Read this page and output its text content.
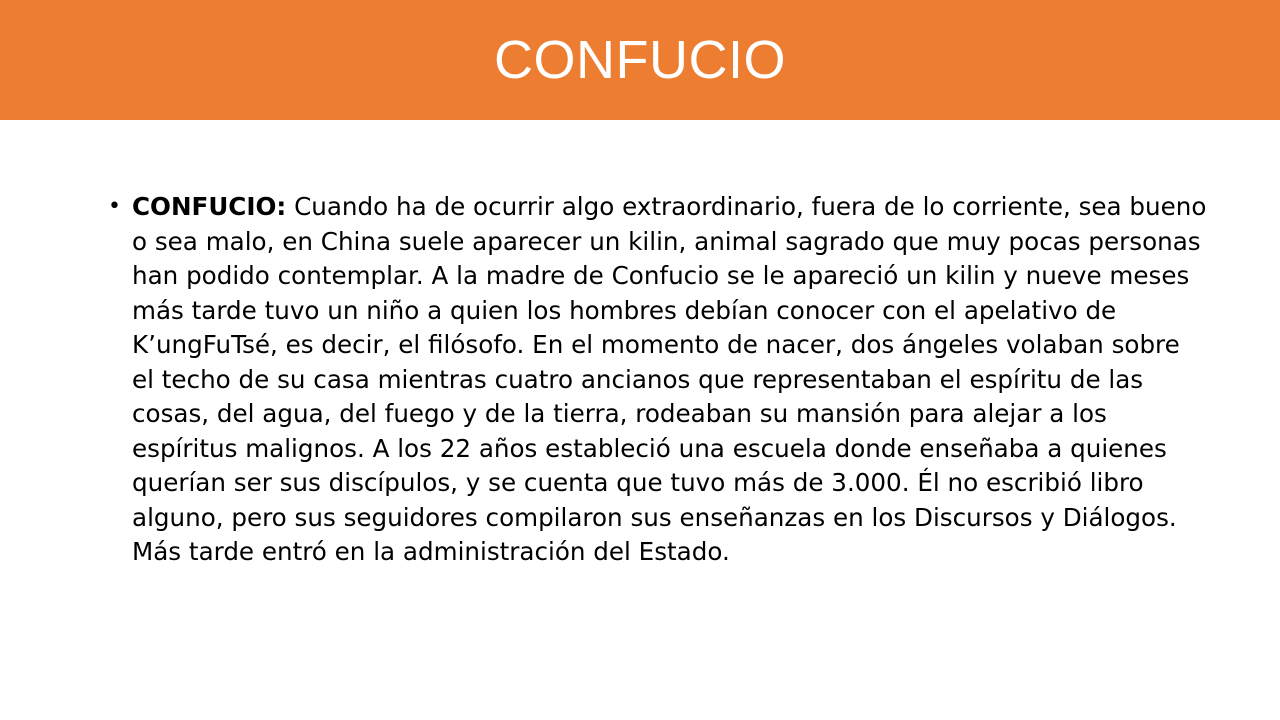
CONFUCIO
• CONFUCIO: Cuando ha de ocurrir algo extraordinario, fuera de lo corriente, sea bueno o sea malo, en China suele aparecer un kilin, animal sagrado que muy pocas personas han podido contemplar. A la madre de Confucio se le apareció un kilin y nueve meses más tarde tuvo un niño a quien los hombres debían conocer con el apelativo de K’ungFuTsé, es decir, el filósofo. En el momento de nacer, dos ángeles volaban sobre el techo de su casa mientras cuatro ancianos que representaban el espíritu de las cosas, del agua, del fuego y de la tierra, rodeaban su mansión para alejar a los espíritus malignos. A los 22 años estableció una escuela donde enseñaba a quienes querían ser sus discípulos, y se cuenta que tuvo más de 3.000. Él no escribió libro alguno, pero sus seguidores compilaron sus enseñanzas en los Discursos y Diálogos. Más tarde entró en la administración del Estado.
